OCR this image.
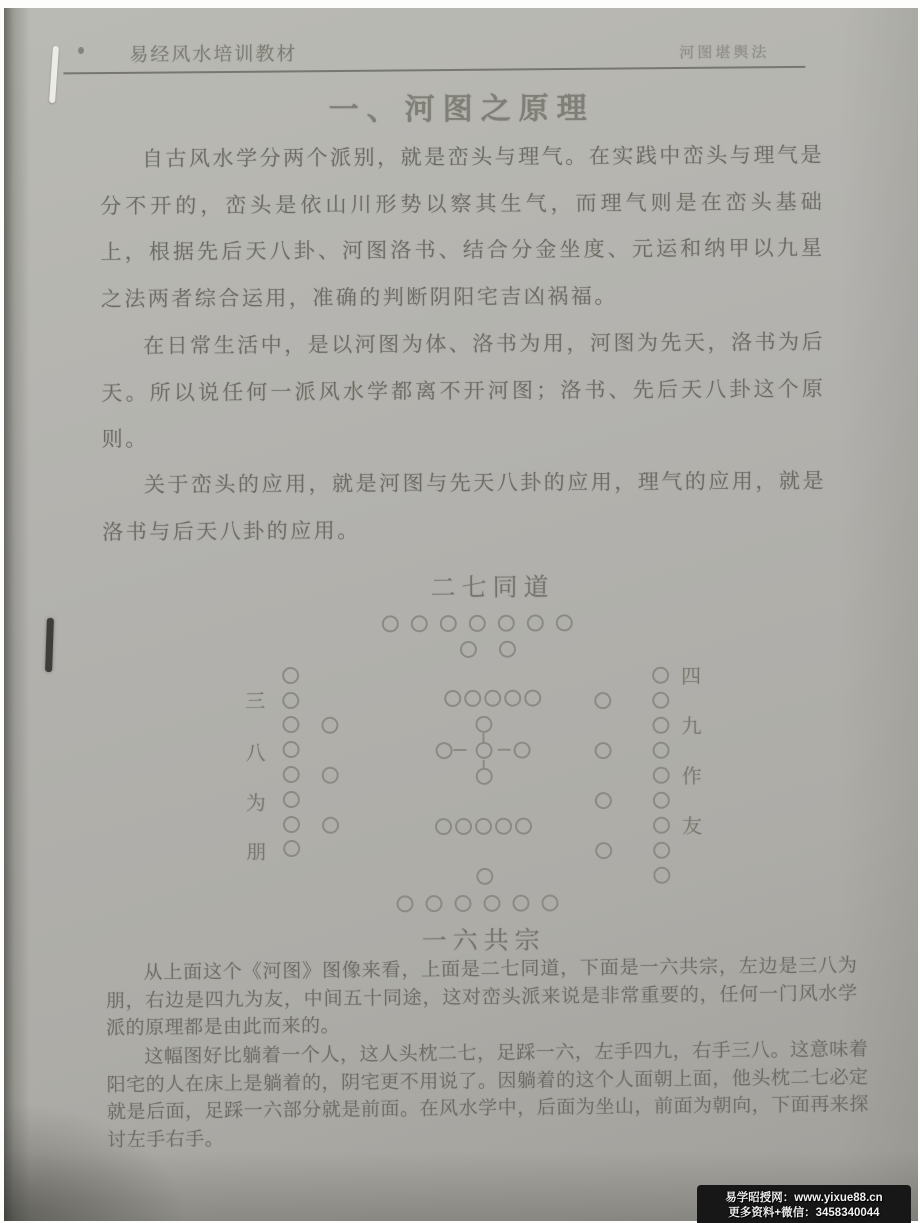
易经风水培训教材	河图堪舆法
一、河图之原理
自古风水学分两个派别，就是峦头与理气。在实践中峦头与理气是分不开的，峦头是依山川形势以察其生气，而理气则是在峦头基础上，根据先后天八卦、河图洛书、结合分金坐度、元运和纳甲以九星之法两者综合运用，准确的判断阴阳宅吉凶祸福。
在日常生活中，是以河图为体、洛书为用，河图为先天，洛书为后天。所以说任何一派风水学都离不开河图；洛书、先后天八卦这个原则。
关于峦头的应用，就是河图与先天八卦的应用，理气的应用，就是洛书与后天八卦的应用。
二七同道
三
八
为
朋
四
九
作
友
一六共宗
从上面这个《河图》图像来看，上面是二七同道，下面是一六共宗，左边是三八为朋，右边是四九为友，中间五十同途，这对峦头派来说是非常重要的，任何一门风水学派的原理都是由此而来的。
这幅图好比躺着一个人，这人头枕二七，足踩一六，左手四九，右手三八。这意味着阳宅的人在床上是躺着的，阴宅更不用说了。因躺着的这个人面朝上面，他头枕二七必定就是后面，足踩一六部分就是前面。在风水学中，后面为坐山，前面为朝向，下面再来探讨左手右手。
易学昭授网：www.yixue88.cn
更多资料+微信：3458340044
